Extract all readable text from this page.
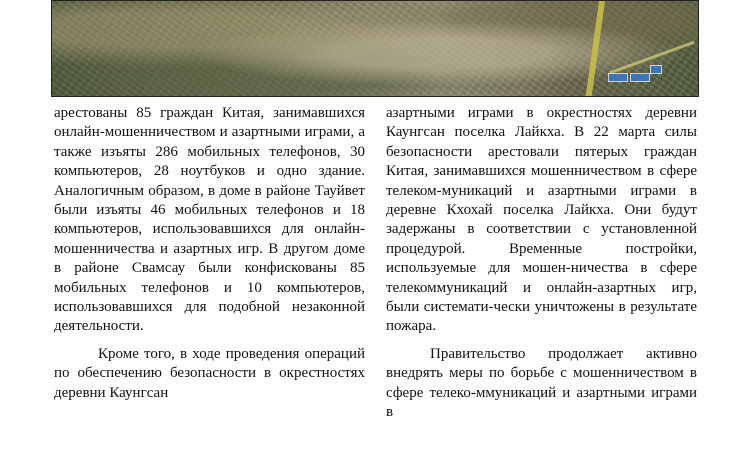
арестованы 85 граждан Китая, занимавшихся онлайн-мошенничеством и азартными играми, а также изъяты 286 мобильных телефонов, 30 компьютеров, 28 ноутбуков и одно здание. Аналогичным образом, в доме в районе Тауйвет были изъяты 46 мобильных телефонов и 18 компьютеров, использовавшихся для онлайн-мошенничества и азартных игр. В другом доме в районе Свамсау были конфискованы 85 мобильных телефонов и 10 компьютеров, использовавшихся для подобной незаконной деятельности.

Кроме того, в ходе проведения операций по обеспечению безопасности в окрестностях деревни Каунгсан

азартными играми в окрестностях деревни Каунгсан поселка Лайкха. В 22 марта силы безопасности арестовали пятерых граждан Китая, занимавшихся мошенничеством в сфере телеком-муникаций и азартными играми в деревне Кхохай поселка Лайкха. Они будут задержаны в соответствии с установленной процедурой. Временные постройки, используемые для мошен-ничества в сфере телекоммуникаций и онлайн-азартных игр, были системати-чески уничтожены в результате пожара.

Правительство продолжает активно внедрять меры по борьбе с мошенничеством в сфере телеко-ммуникаций и азартными играми в
